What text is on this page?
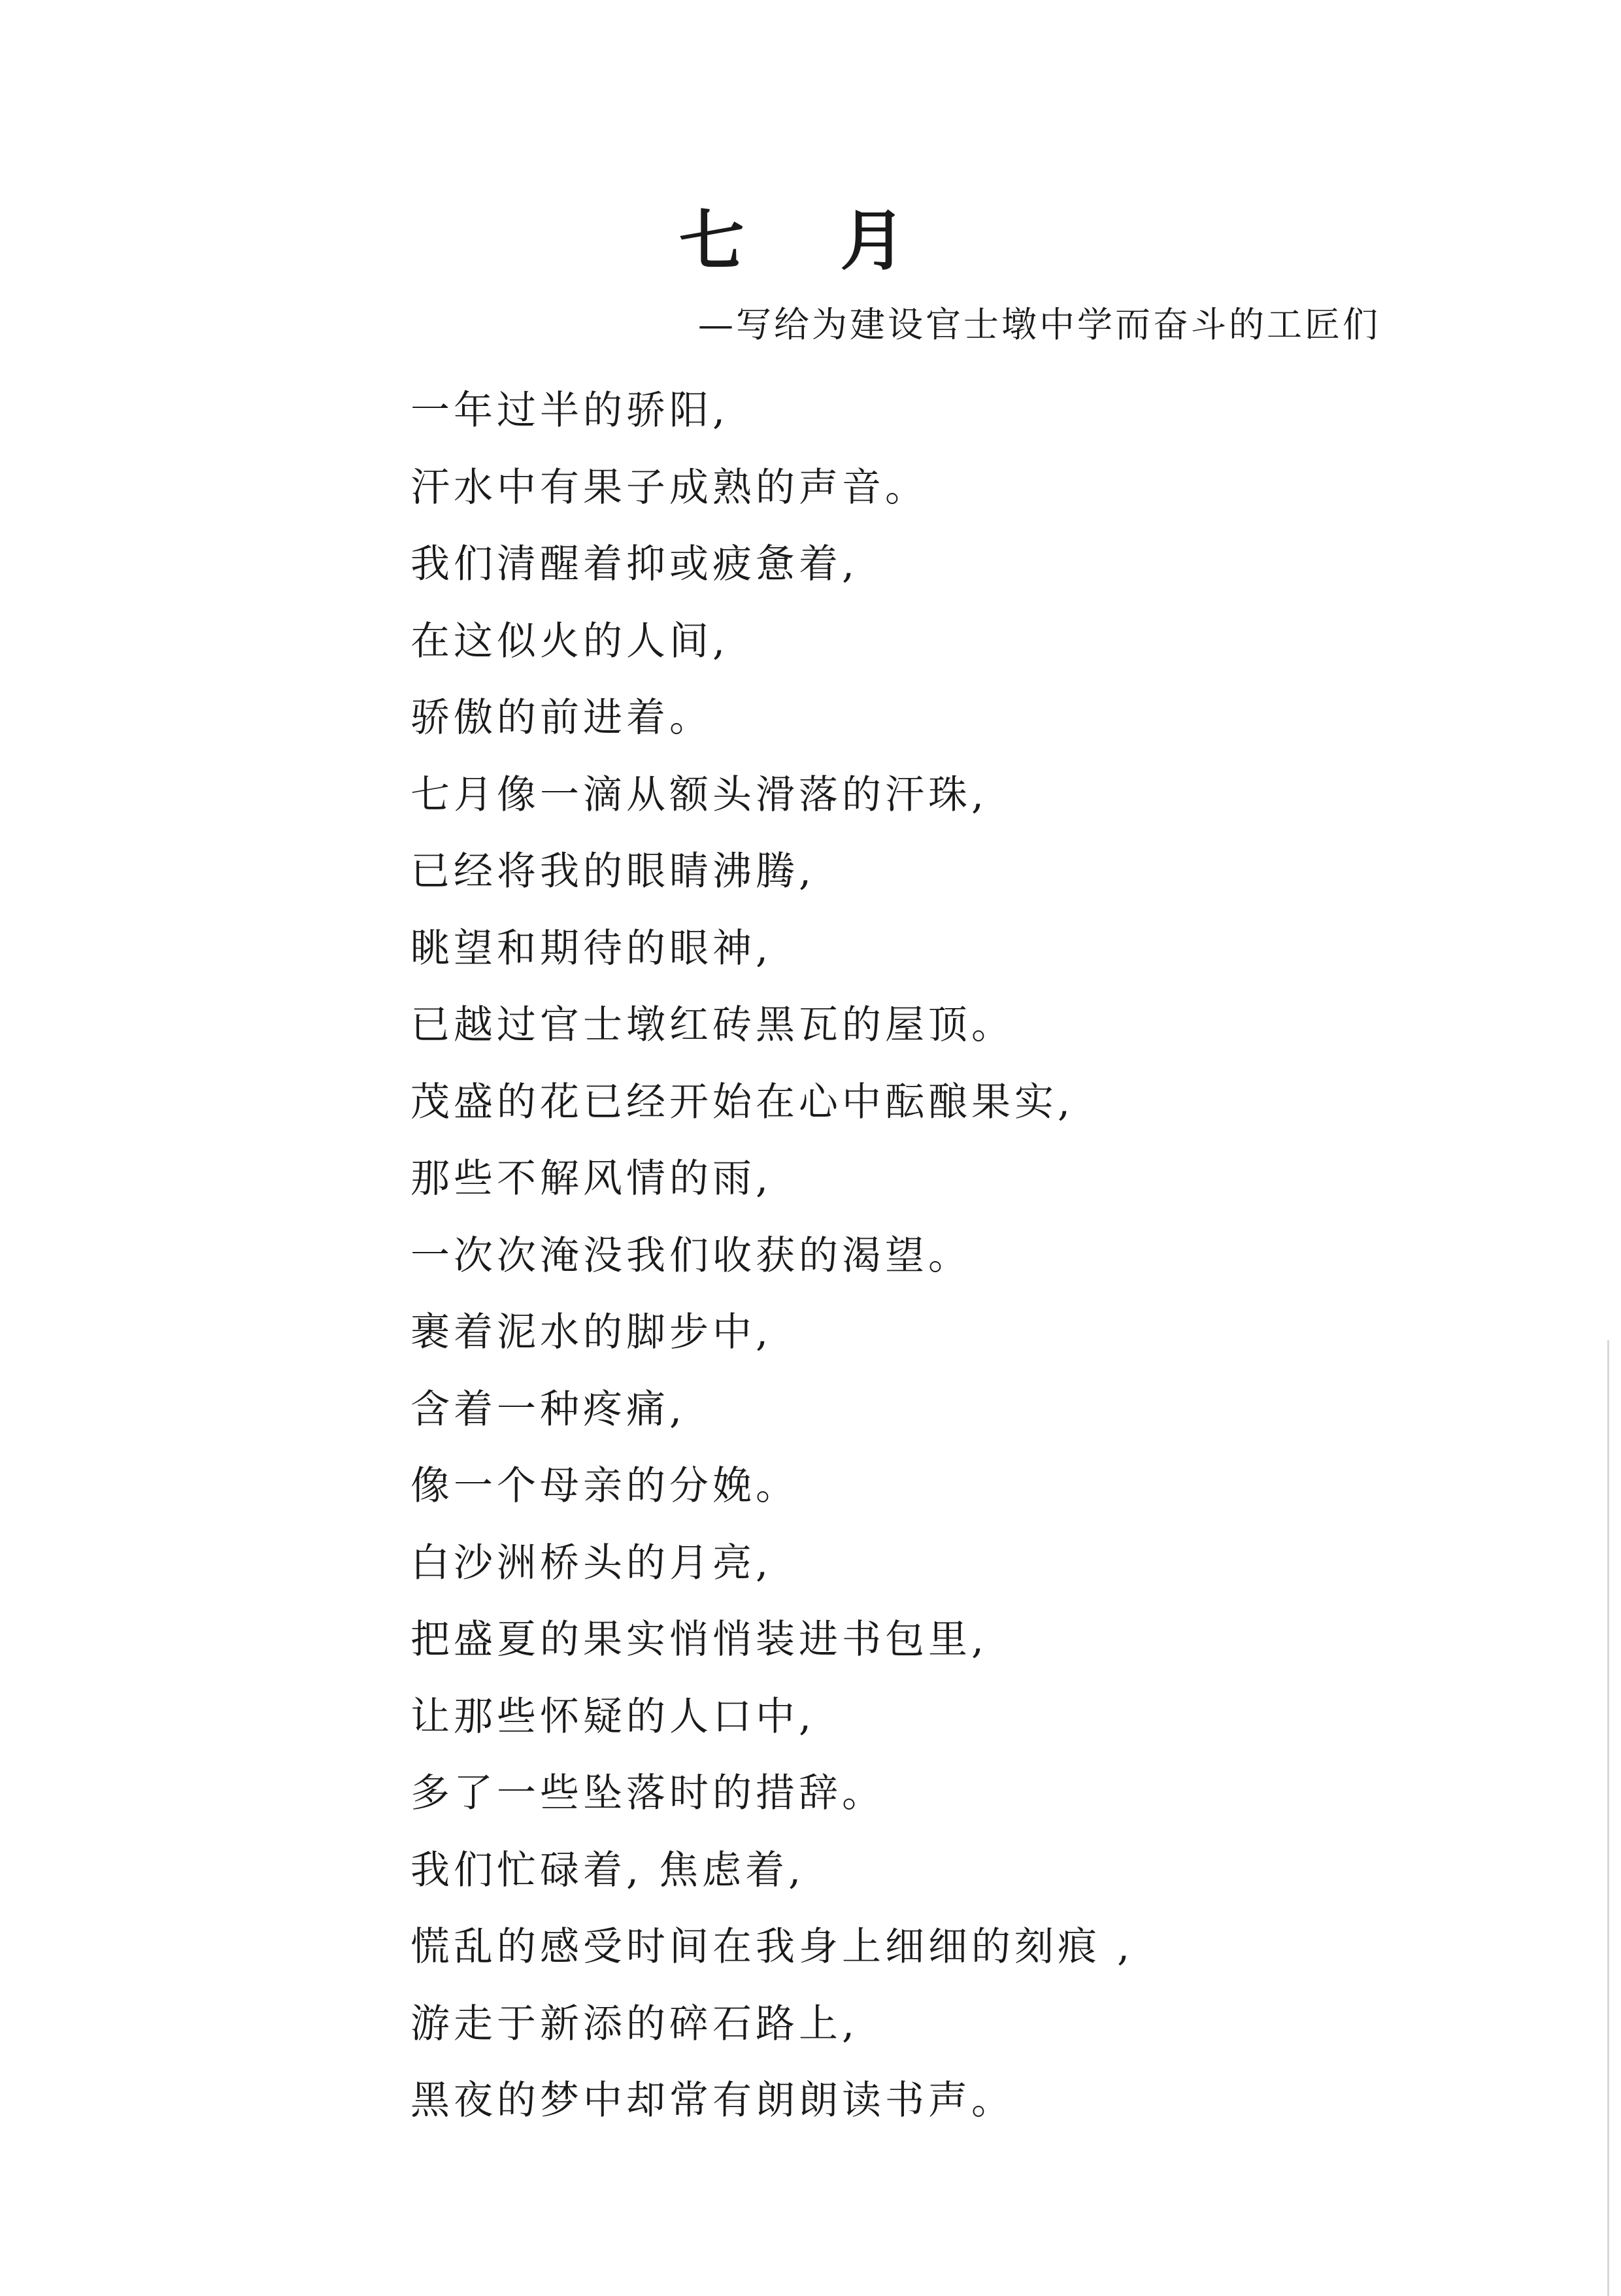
七 月
—写给为建设官士墩中学而奋斗的工匠们
一年过半的骄阳,
汗水中有果子成熟的声音。
我们清醒着抑或疲惫着,
在这似火的人间,
骄傲的前进着。
七月像一滴从额头滑落的汗珠,
已经将我的眼睛沸腾,
眺望和期待的眼神,
已越过官士墩红砖黑瓦的屋顶。
茂盛的花已经开始在心中酝酿果实,
那些不解风情的雨,
一次次淹没我们收获的渴望。
裹着泥水的脚步中,
含着一种疼痛,
像一个母亲的分娩。
白沙洲桥头的月亮,
把盛夏的果实悄悄装进书包里,
让那些怀疑的人口中,
多了一些坠落时的措辞。
我们忙碌着, 焦虑着,
慌乱的感受时间在我身上细细的刻痕 ,
游走于新添的碎石路上,
黑夜的梦中却常有朗朗读书声。
